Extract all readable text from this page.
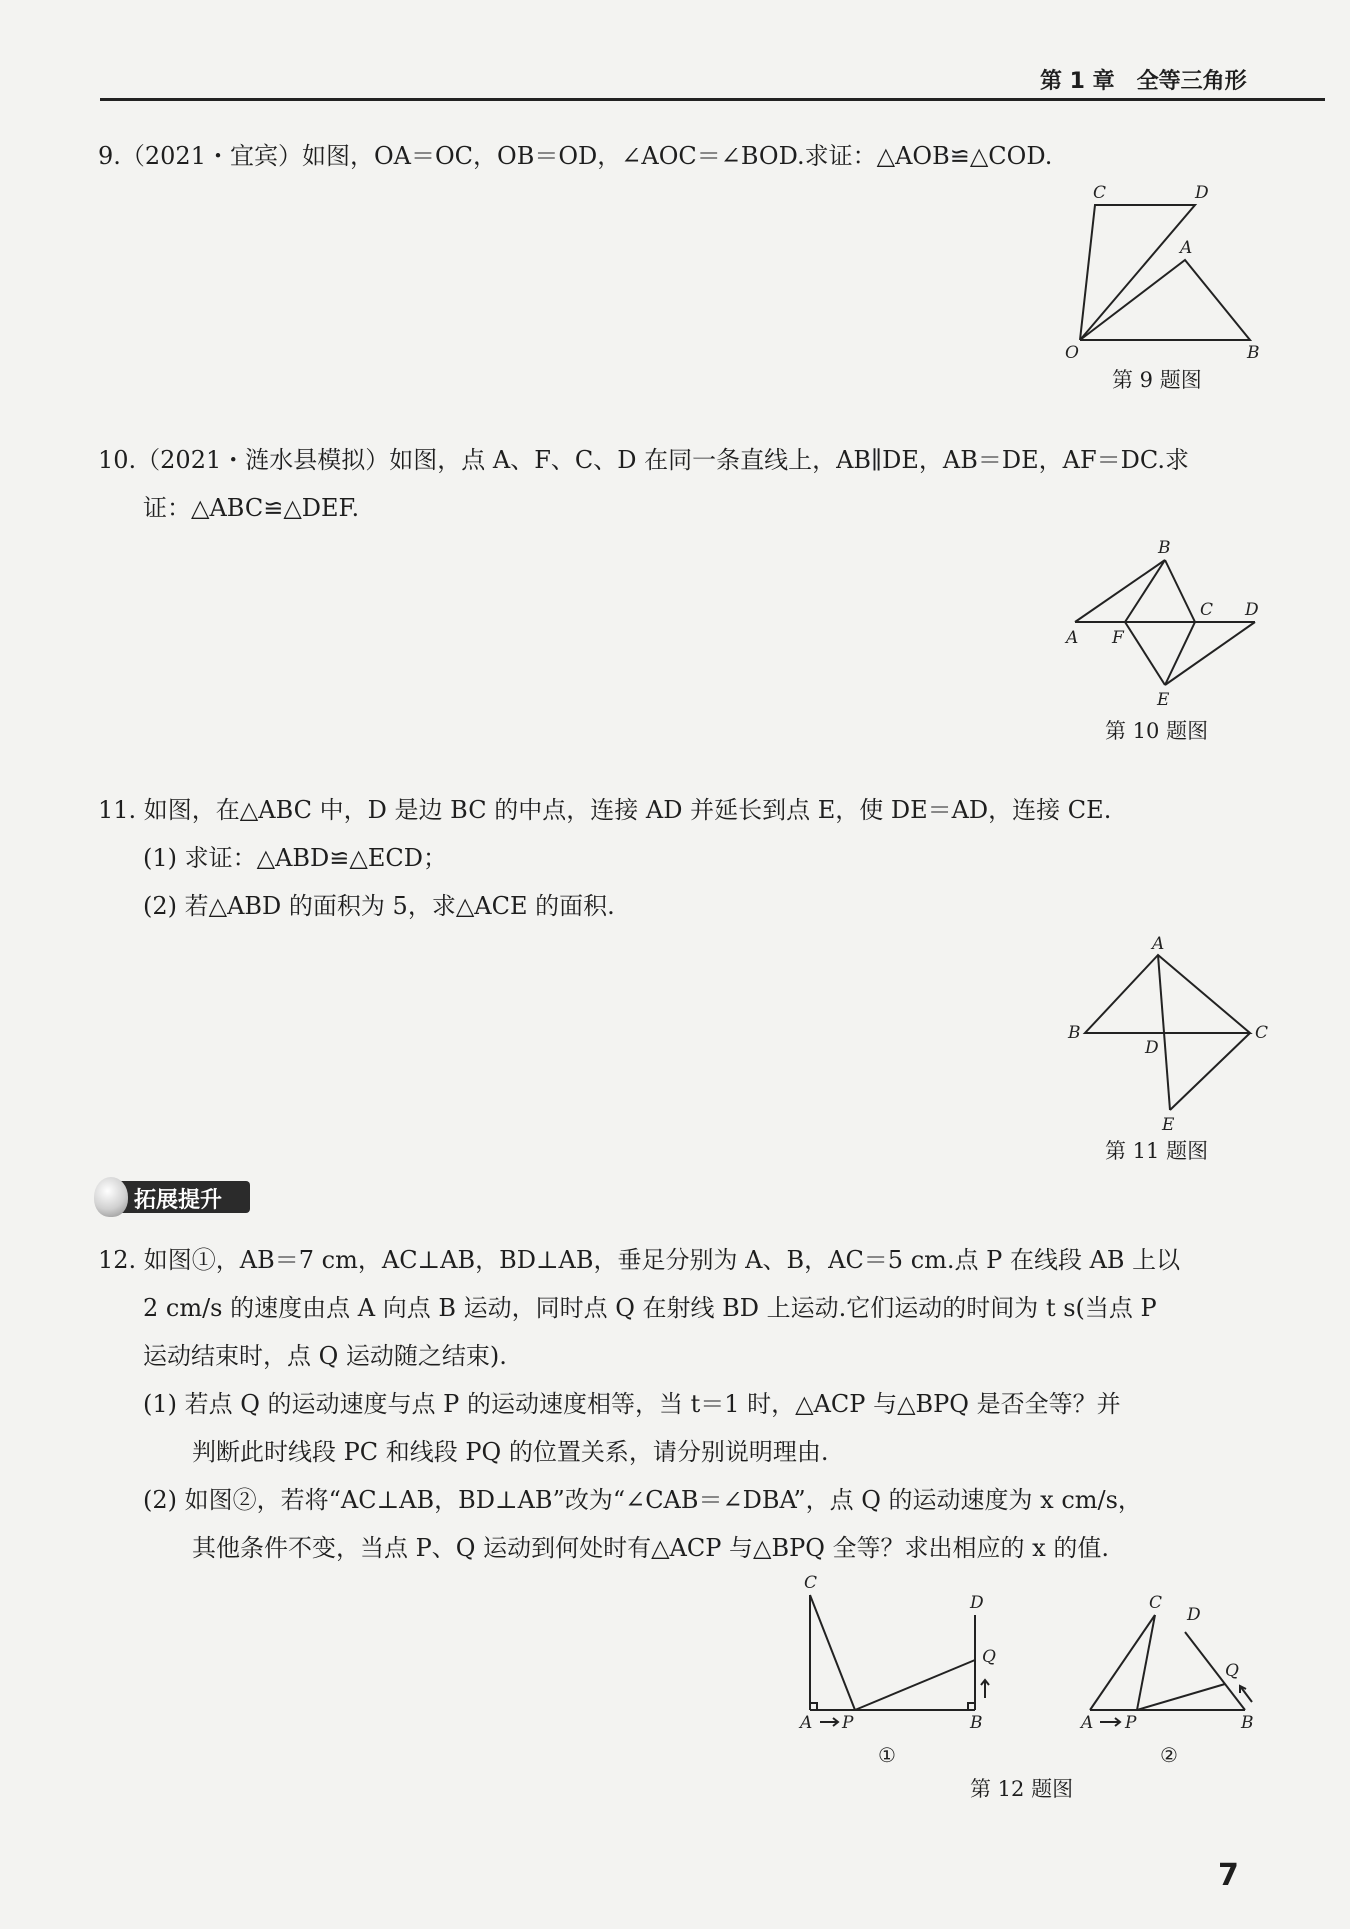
第 1 章　全等三角形
9.（2021・宜宾）如图，OA＝OC，OB＝OD，∠AOC＝∠BOD.求证：△AOB≌△COD.
C	D
A
O	B
第 9 题图
10.（2021・涟水县模拟）如图，点 A、F、C、D 在同一条直线上，AB∥DE，AB＝DE，AF＝DC.求
证：△ABC≌△DEF.
B
A F
C D
E
第 10 题图
11. 如图，在△ABC 中，D 是边 BC 的中点，连接 AD 并延长到点 E，使 DE＝AD，连接 CE.
(1) 求证：△ABD≌△ECD；
(2) 若△ABD 的面积为 5，求△ACE 的面积.
A
B
D
C
E
第 11 题图
拓展提升
12. 如图①，AB＝7 cm，AC⊥AB，BD⊥AB，垂足分别为 A、B，AC＝5 cm.点 P 在线段 AB 上以
2 cm/s 的速度由点 A 向点 B 运动，同时点 Q 在射线 BD 上运动.它们运动的时间为 t s(当点 P
运动结束时，点 Q 运动随之结束).
(1) 若点 Q 的运动速度与点 P 的运动速度相等，当 t＝1 时，△ACP 与△BPQ 是否全等？并
判断此时线段 PC 和线段 PQ 的位置关系，请分别说明理由.
(2) 如图②，若将“AC⊥AB，BD⊥AB”改为“∠CAB＝∠DBA”，点 Q 的运动速度为 x cm/s，
其他条件不变，当点 P、Q 运动到何处时有△ACP 与△BPQ 全等？求出相应的 x 的值.
C
D
Q
A P	B
①
C
D
Q
A P	B
②
第 12 题图
7
